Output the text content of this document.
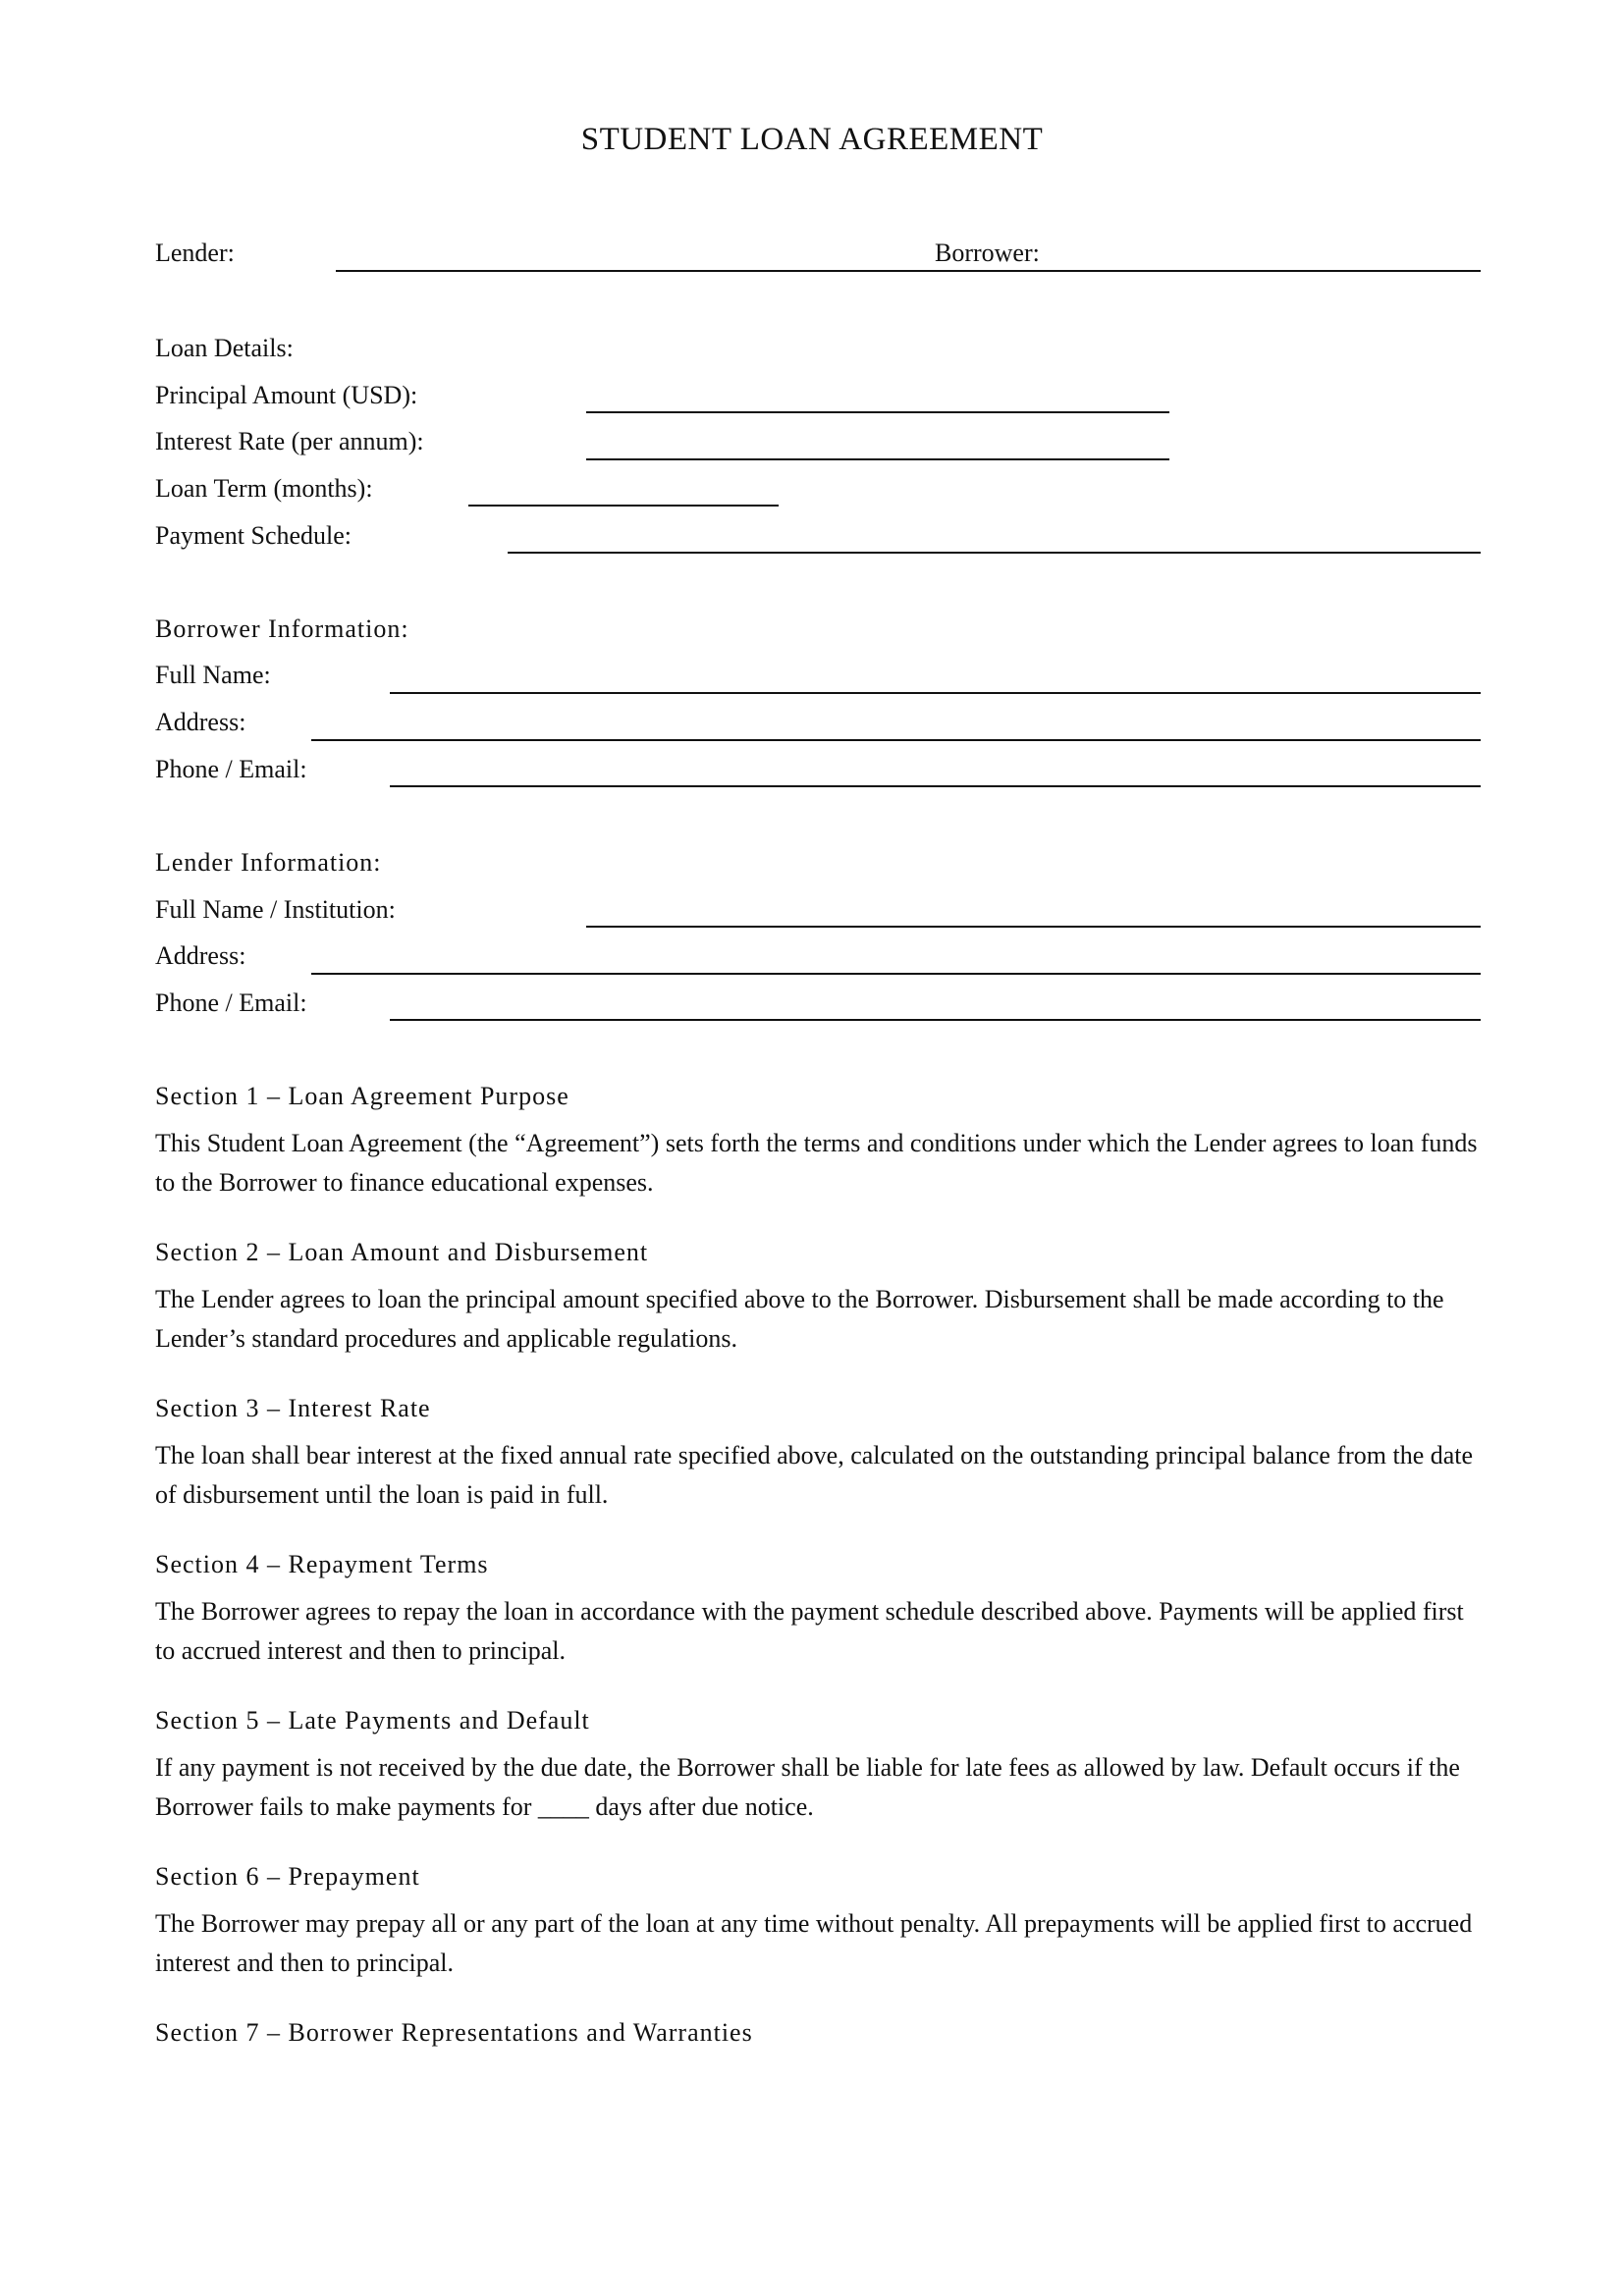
STUDENT LOAN AGREEMENT
Lender:	Borrower:
Loan Details:
Principal Amount (USD):
Interest Rate (per annum):
Loan Term (months):
Payment Schedule:
Borrower Information:
Full Name:
Address:
Phone / Email:
Lender Information:
Full Name / Institution:
Address:
Phone / Email:
Section 1 – Loan Agreement Purpose
This Student Loan Agreement (the “Agreement”) sets forth the terms and conditions under which the Lender agrees to loan funds to the Borrower to finance educational expenses.
Section 2 – Loan Amount and Disbursement
The Lender agrees to loan the principal amount specified above to the Borrower. Disbursement shall be made according to the Lender’s standard procedures and applicable regulations.
Section 3 – Interest Rate
The loan shall bear interest at the fixed annual rate specified above, calculated on the outstanding principal balance from the date of disbursement until the loan is paid in full.
Section 4 – Repayment Terms
The Borrower agrees to repay the loan in accordance with the payment schedule described above. Payments will be applied first to accrued interest and then to principal.
Section 5 – Late Payments and Default
If any payment is not received by the due date, the Borrower shall be liable for late fees as allowed by law. Default occurs if the Borrower fails to make payments for ____ days after due notice.
Section 6 – Prepayment
The Borrower may prepay all or any part of the loan at any time without penalty. All prepayments will be applied first to accrued interest and then to principal.
Section 7 – Borrower Representations and Warranties
